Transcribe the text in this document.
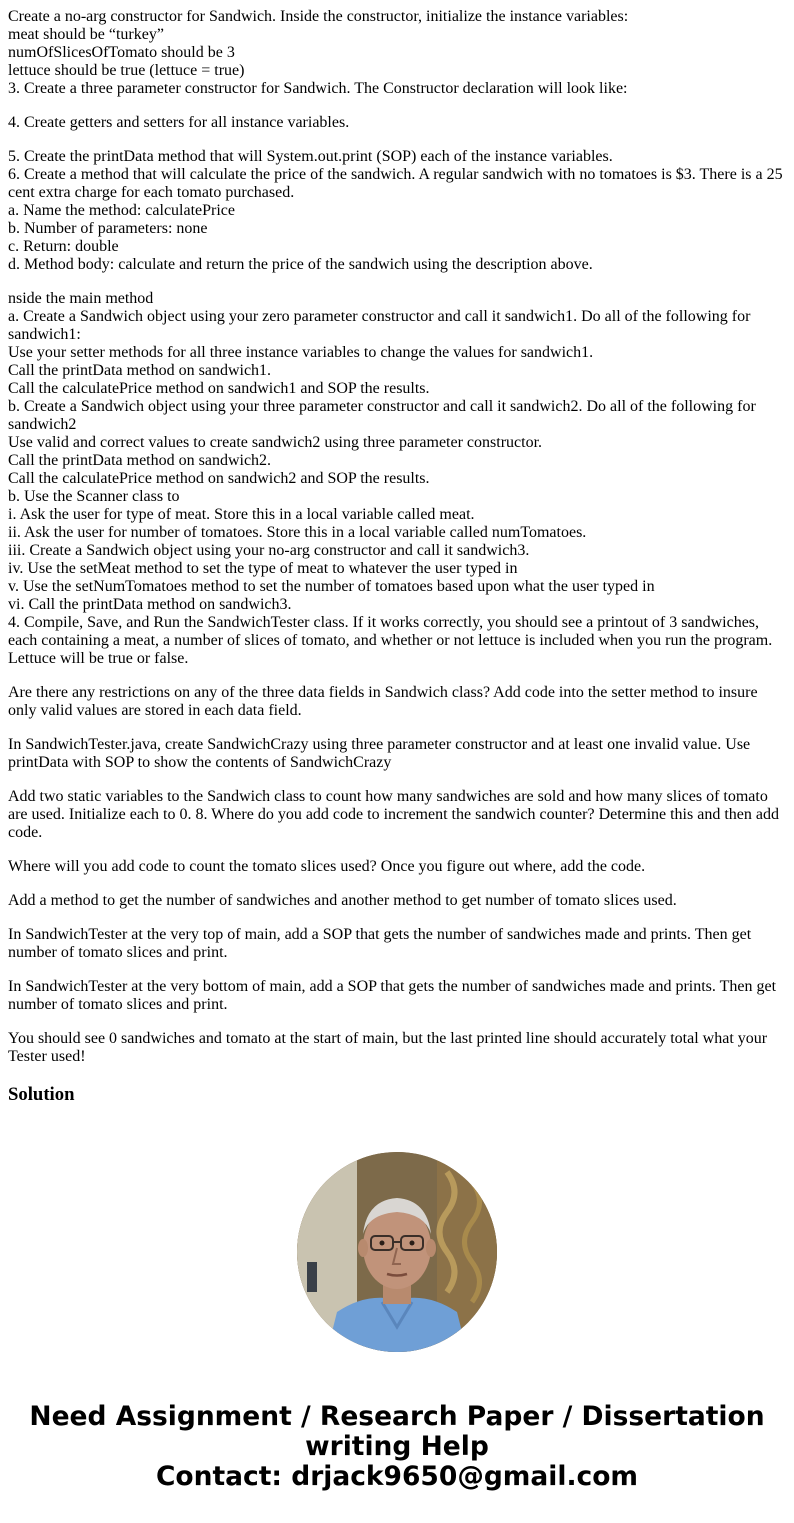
Create a no-arg constructor for Sandwich. Inside the constructor, initialize the instance variables:
meat should be “turkey”
numOfSlicesOfTomato should be 3
lettuce should be true (lettuce = true)
3. Create a three parameter constructor for Sandwich. The Constructor declaration will look like:

4. Create getters and setters for all instance variables.

5. Create the printData method that will System.out.print (SOP) each of the instance variables.
6. Create a method that will calculate the price of the sandwich. A regular sandwich with no tomatoes is $3. There is a 25 cent extra charge for each tomato purchased.
a. Name the method: calculatePrice
b. Number of parameters: none
c. Return: double
d. Method body: calculate and return the price of the sandwich using the description above.

nside the main method
a. Create a Sandwich object using your zero parameter constructor and call it sandwich1. Do all of the following for sandwich1:
Use your setter methods for all three instance variables to change the values for sandwich1.
Call the printData method on sandwich1.
Call the calculatePrice method on sandwich1 and SOP the results.
b. Create a Sandwich object using your three parameter constructor and call it sandwich2. Do all of the following for sandwich2
Use valid and correct values to create sandwich2 using three parameter constructor.
Call the printData method on sandwich2.
Call the calculatePrice method on sandwich2 and SOP the results.
b. Use the Scanner class to
i. Ask the user for type of meat. Store this in a local variable called meat.
ii. Ask the user for number of tomatoes. Store this in a local variable called numTomatoes.
iii. Create a Sandwich object using your no-arg constructor and call it sandwich3.
iv. Use the setMeat method to set the type of meat to whatever the user typed in
v. Use the setNumTomatoes method to set the number of tomatoes based upon what the user typed in
vi. Call the printData method on sandwich3.
4. Compile, Save, and Run the SandwichTester class. If it works correctly, you should see a printout of 3 sandwiches, each containing a meat, a number of slices of tomato, and whether or not lettuce is included when you run the program. Lettuce will be true or false.

Are there any restrictions on any of the three data fields in Sandwich class? Add code into the setter method to insure only valid values are stored in each data field.

In SandwichTester.java, create SandwichCrazy using three parameter constructor and at least one invalid value. Use printData with SOP to show the contents of SandwichCrazy

Add two static variables to the Sandwich class to count how many sandwiches are sold and how many slices of tomato are used. Initialize each to 0. 8. Where do you add code to increment the sandwich counter? Determine this and then add code.

Where will you add code to count the tomato slices used? Once you figure out where, add the code.

Add a method to get the number of sandwiches and another method to get number of tomato slices used.

In SandwichTester at the very top of main, add a SOP that gets the number of sandwiches made and prints. Then get number of tomato slices and print.

In SandwichTester at the very bottom of main, add a SOP that gets the number of sandwiches made and prints. Then get number of tomato slices and print.

You should see 0 sandwiches and tomato at the start of main, but the last printed line should accurately total what your Tester used!

Solution
Need Assignment / Research Paper / Dissertation
writing Help
Contact: drjack9650@gmail.com
